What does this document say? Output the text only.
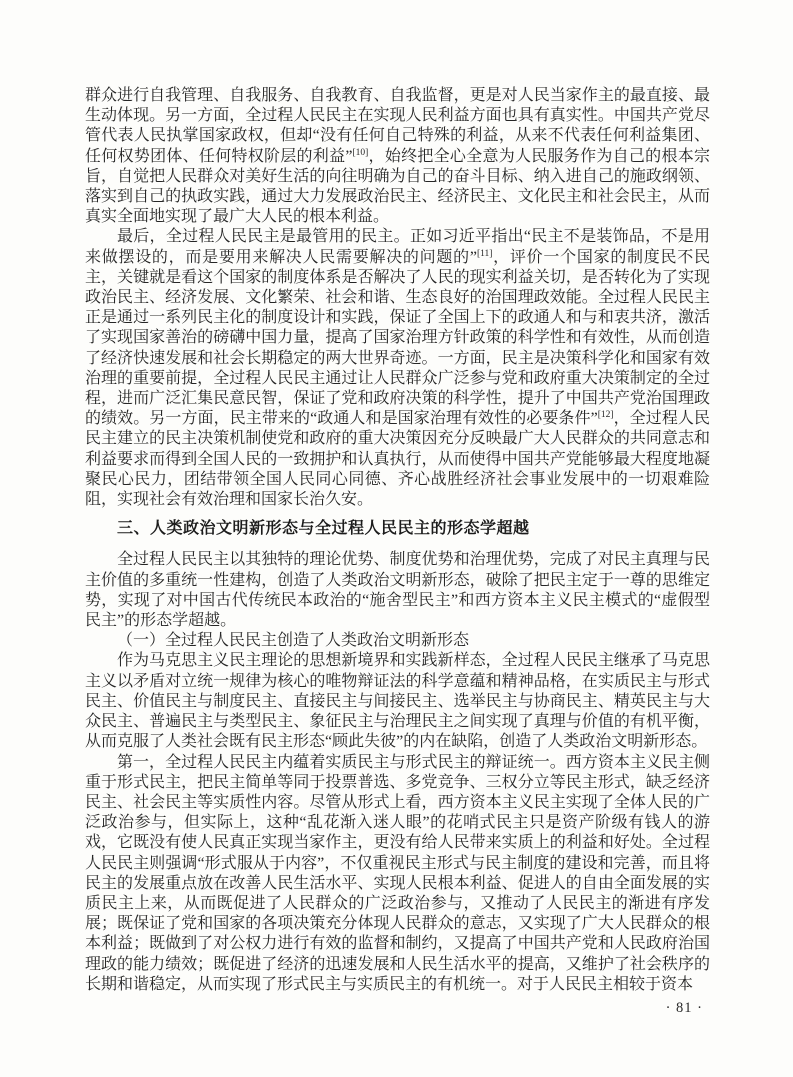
群众进行自我管理、自我服务、自我教育、自我监督，更是对人民当家作主的最直接、最生动体现。另一方面，全过程人民民主在实现人民利益方面也具有真实性。中国共产党尽管代表人民执掌国家政权，但却“没有任何自己特殊的利益，从来不代表任何利益集团、任何权势团体、任何特权阶层的利益”[10]，始终把全心全意为人民服务作为自己的根本宗旨，自觉把人民群众对美好生活的向往明确为自己的奋斗目标、纳入进自己的施政纲领、落实到自己的执政实践，通过大力发展政治民主、经济民主、文化民主和社会民主，从而真实全面地实现了最广大人民的根本利益。

最后，全过程人民民主是最管用的民主。正如习近平指出“民主不是装饰品，不是用来做摆设的，而是要用来解决人民需要解决的问题的”[11]，评价一个国家的制度民不民主，关键就是看这个国家的制度体系是否解决了人民的现实利益关切，是否转化为了实现政治民主、经济发展、文化繁荣、社会和谐、生态良好的治国理政效能。全过程人民民主正是通过一系列民主化的制度设计和实践，保证了全国上下的政通人和与和衷共济，激活了实现国家善治的磅礴中国力量，提高了国家治理方针政策的科学性和有效性，从而创造了经济快速发展和社会长期稳定的两大世界奇迹。一方面，民主是决策科学化和国家有效治理的重要前提，全过程人民民主通过让人民群众广泛参与党和政府重大决策制定的全过程，进而广泛汇集民意民智，保证了党和政府决策的科学性，提升了中国共产党治国理政的绩效。另一方面，民主带来的“政通人和是国家治理有效性的必要条件”[12]，全过程人民民主建立的民主决策机制使党和政府的重大决策因充分反映最广大人民群众的共同意志和利益要求而得到全国人民的一致拥护和认真执行，从而使得中国共产党能够最大程度地凝聚民心民力，团结带领全国人民同心同德、齐心战胜经济社会事业发展中的一切艰难险阻，实现社会有效治理和国家长治久安。

三、人类政治文明新形态与全过程人民民主的形态学超越

全过程人民民主以其独特的理论优势、制度优势和治理优势，完成了对民主真理与民主价值的多重统一性建构，创造了人类政治文明新形态，破除了把民主定于一尊的思维定势，实现了对中国古代传统民本政治的“施舍型民主”和西方资本主义民主模式的“虚假型民主”的形态学超越。

（一）全过程人民民主创造了人类政治文明新形态

作为马克思主义民主理论的思想新境界和实践新样态，全过程人民民主继承了马克思主义以矛盾对立统一规律为核心的唯物辩证法的科学意蕴和精神品格，在实质民主与形式民主、价值民主与制度民主、直接民主与间接民主、选举民主与协商民主、精英民主与大众民主、普遍民主与类型民主、象征民主与治理民主之间实现了真理与价值的有机平衡，从而克服了人类社会既有民主形态“顾此失彼”的内在缺陷，创造了人类政治文明新形态。

第一，全过程人民民主内蕴着实质民主与形式民主的辩证统一。西方资本主义民主侧重于形式民主，把民主简单等同于投票普选、多党竞争、三权分立等民主形式，缺乏经济民主、社会民主等实质性内容。尽管从形式上看，西方资本主义民主实现了全体人民的广泛政治参与，但实际上，这种“乱花渐入迷人眼”的花哨式民主只是资产阶级有钱人的游戏，它既没有使人民真正实现当家作主，更没有给人民带来实质上的利益和好处。全过程人民民主则强调“形式服从于内容”，不仅重视民主形式与民主制度的建设和完善，而且将民主的发展重点放在改善人民生活水平、实现人民根本利益、促进人的自由全面发展的实质民主上来，从而既促进了人民群众的广泛政治参与，又推动了人民民主的渐进有序发展；既保证了党和国家的各项决策充分体现人民群众的意志，又实现了广大人民群众的根本利益；既做到了对公权力进行有效的监督和制约，又提高了中国共产党和人民政府治国理政的能力绩效；既促进了经济的迅速发展和人民生活水平的提高，又维护了社会秩序的长期和谐稳定，从而实现了形式民主与实质民主的有机统一。对于人民民主相较于资本

· 81 ·
